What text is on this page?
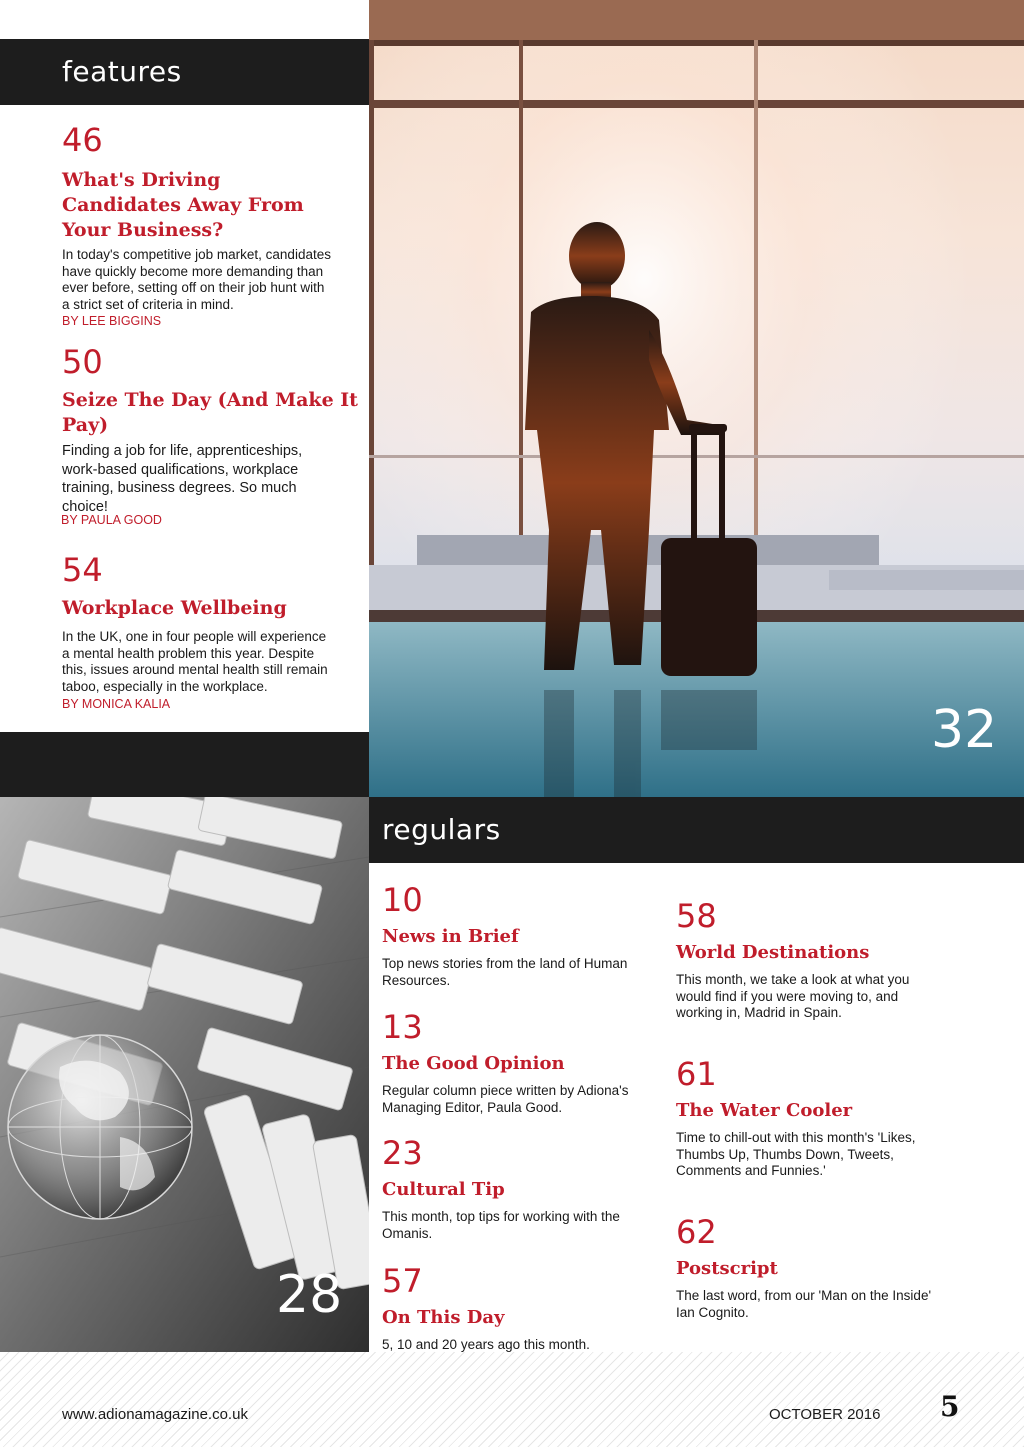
32
28
features
46
What's Driving
Candidates Away From
Your Business?
In today's competitive job market, candidates
have quickly become more demanding than
ever before, setting off on their job hunt with
a strict set of criteria in mind.
BY LEE BIGGINS
50
Seize The Day (And Make It
Pay)
Finding a job for life, apprenticeships,
work-based qualifications, workplace
training, business degrees. So much
choice!
BY PAULA GOOD
54
Workplace Wellbeing
In the UK, one in four people will experience
a mental health problem this year. Despite
this, issues around mental health still remain
taboo, especially in the workplace.
BY MONICA KALIA
regulars
10
News in Brief
Top news stories from the land of Human
Resources.
13
The Good Opinion
Regular column piece written by Adiona's
Managing Editor, Paula Good.
23
Cultural Tip
This month, top tips for working with the
Omanis.
57
On This Day
5, 10 and 20 years ago this month.
58
World Destinations
This month, we take a look at what you
would find if you were moving to, and
working in, Madrid in Spain.
61
The Water Cooler
Time to chill-out with this month's 'Likes,
Thumbs Up, Thumbs Down, Tweets,
Comments and Funnies.'
62
Postscript
The last word, from our 'Man on the Inside'
Ian Cognito.
www.adionamagazine.co.uk	OCTOBER 2016 5
